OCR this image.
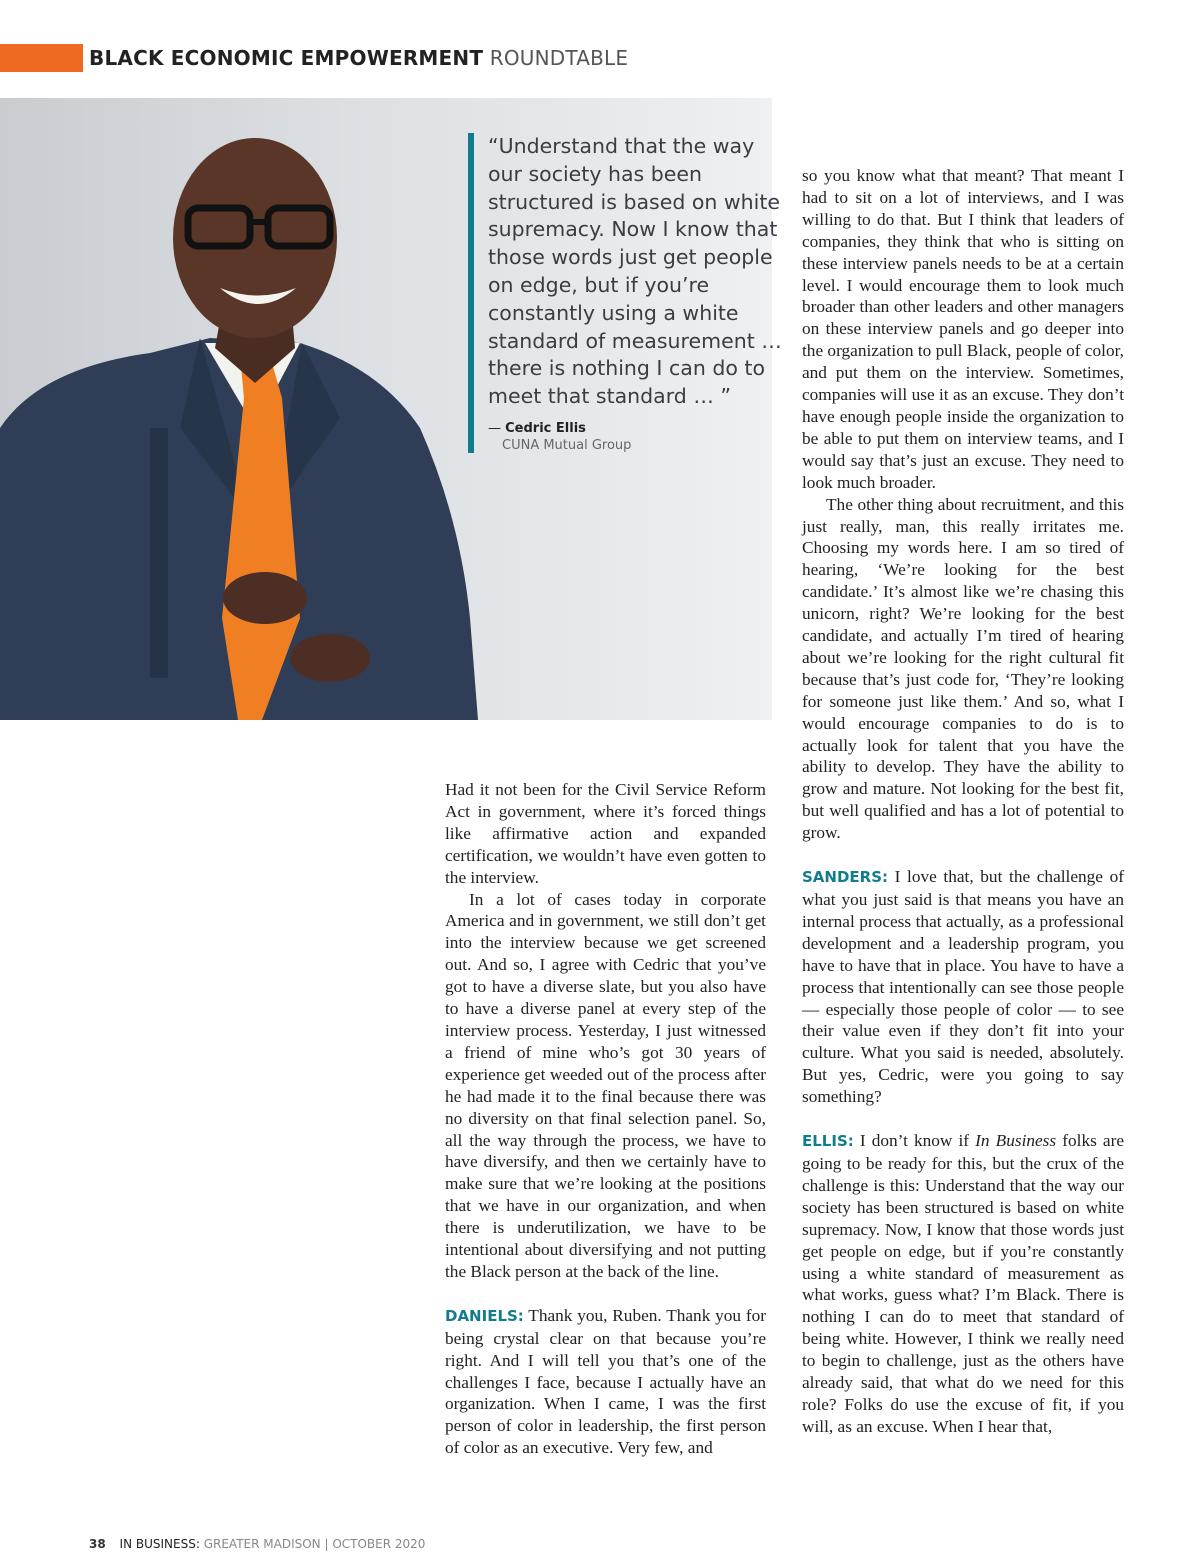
BLACK ECONOMIC EMPOWERMENT ROUNDTABLE

“Understand that the way our society has been structured is based on white supremacy. Now I know that those words just get people on edge, but if you’re constantly using a white standard of measurement … there is nothing I can do to meet that standard … ”

— Cedric Ellis
CUNA Mutual Group

Had it not been for the Civil Service Reform Act in government, where it’s forced things like affirmative action and expanded certification, we wouldn’t have even gotten to the interview.

In a lot of cases today in corporate America and in government, we still don’t get into the interview because we get screened out. And so, I agree with Cedric that you’ve got to have a diverse slate, but you also have to have a diverse panel at every step of the interview process. Yesterday, I just witnessed a friend of mine who’s got 30 years of experience get weeded out of the process after he had made it to the final because there was no diversity on that final selection panel. So, all the way through the process, we have to have diversify, and then we certainly have to make sure that we’re looking at the positions that we have in our organization, and when there is underutilization, we have to be intentional about diversifying and not putting the Black person at the back of the line.

DANIELS: Thank you, Ruben. Thank you for being crystal clear on that because you’re right. And I will tell you that’s one of the challenges I face, because I actually have an organization. When I came, I was the first person of color in leadership, the first person of color as an executive. Very few, and

so you know what that meant? That meant I had to sit on a lot of interviews, and I was willing to do that. But I think that leaders of companies, they think that who is sitting on these interview panels needs to be at a certain level. I would encourage them to look much broader than other leaders and other managers on these interview panels and go deeper into the organization to pull Black, people of color, and put them on the interview. Sometimes, companies will use it as an excuse. They don’t have enough people inside the organization to be able to put them on interview teams, and I would say that’s just an excuse. They need to look much broader.

The other thing about recruitment, and this just really, man, this really irritates me. Choosing my words here. I am so tired of hearing, ‘We’re looking for the best candidate.’ It’s almost like we’re chasing this unicorn, right? We’re looking for the best candidate, and actually I’m tired of hearing about we’re looking for the right cultural fit because that’s just code for, ‘They’re looking for someone just like them.’ And so, what I would encourage companies to do is to actually look for talent that you have the ability to develop. They have the ability to grow and mature. Not looking for the best fit, but well qualified and has a lot of potential to grow.

SANDERS: I love that, but the challenge of what you just said is that means you have an internal process that actually, as a professional development and a leadership program, you have to have that in place. You have to have a process that intentionally can see those people — especially those people of color — to see their value even if they don’t fit into your culture. What you said is needed, absolutely. But yes, Cedric, were you going to say something?

ELLIS: I don’t know if In Business folks are going to be ready for this, but the crux of the challenge is this: Understand that the way our society has been structured is based on white supremacy. Now, I know that those words just get people on edge, but if you’re constantly using a white standard of measurement as what works, guess what? I’m Black. There is nothing I can do to meet that standard of being white. However, I think we really need to begin to challenge, just as the others have already said, that what do we need for this role? Folks do use the excuse of fit, if you will, as an excuse. When I hear that,

38 IN BUSINESS: GREATER MADISON | OCTOBER 2020
